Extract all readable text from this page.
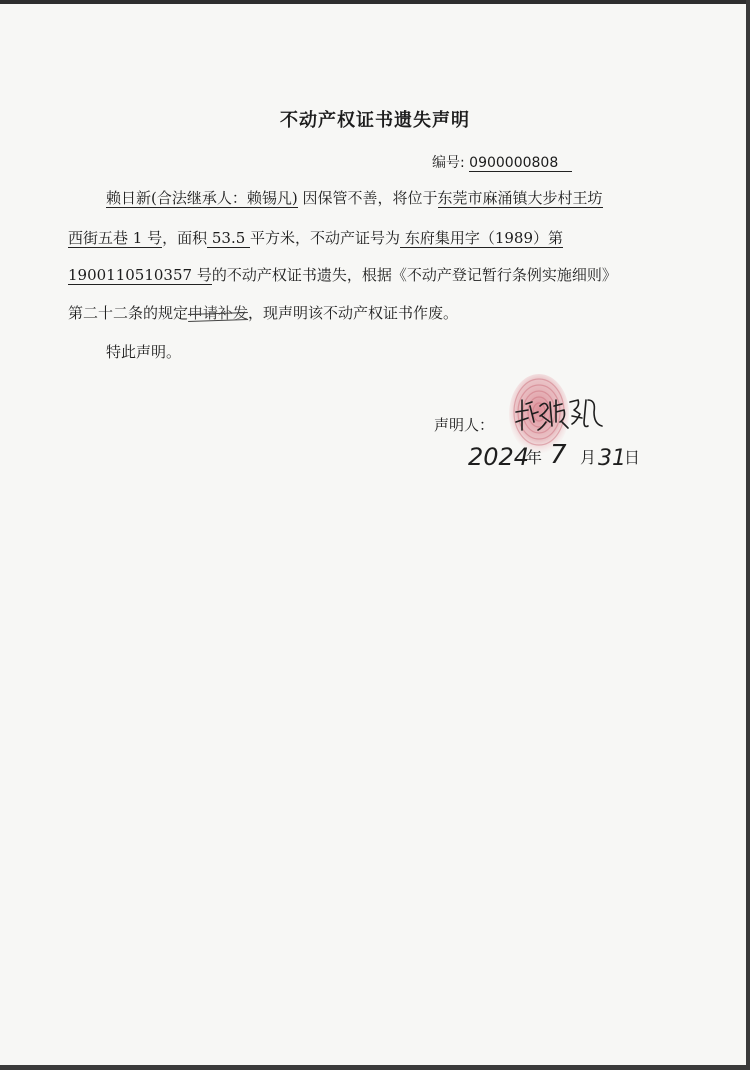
不动产权证书遗失声明
编号: 0900000808
赖日新(合法继承人：赖锡凡) 因保管不善，将位于东莞市麻涌镇大步村王坊
西街五巷 1 号，面积 53.5 平方米，不动产证号为 东府集用字（1989）第
1900110510357 号的不动产权证书遗失，根据《不动产登记暂行条例实施细则》
第二十二条的规定申请补发，现声明该不动产权证书作废。
特此声明。
声明人：
2024
年 7 月 31
日
